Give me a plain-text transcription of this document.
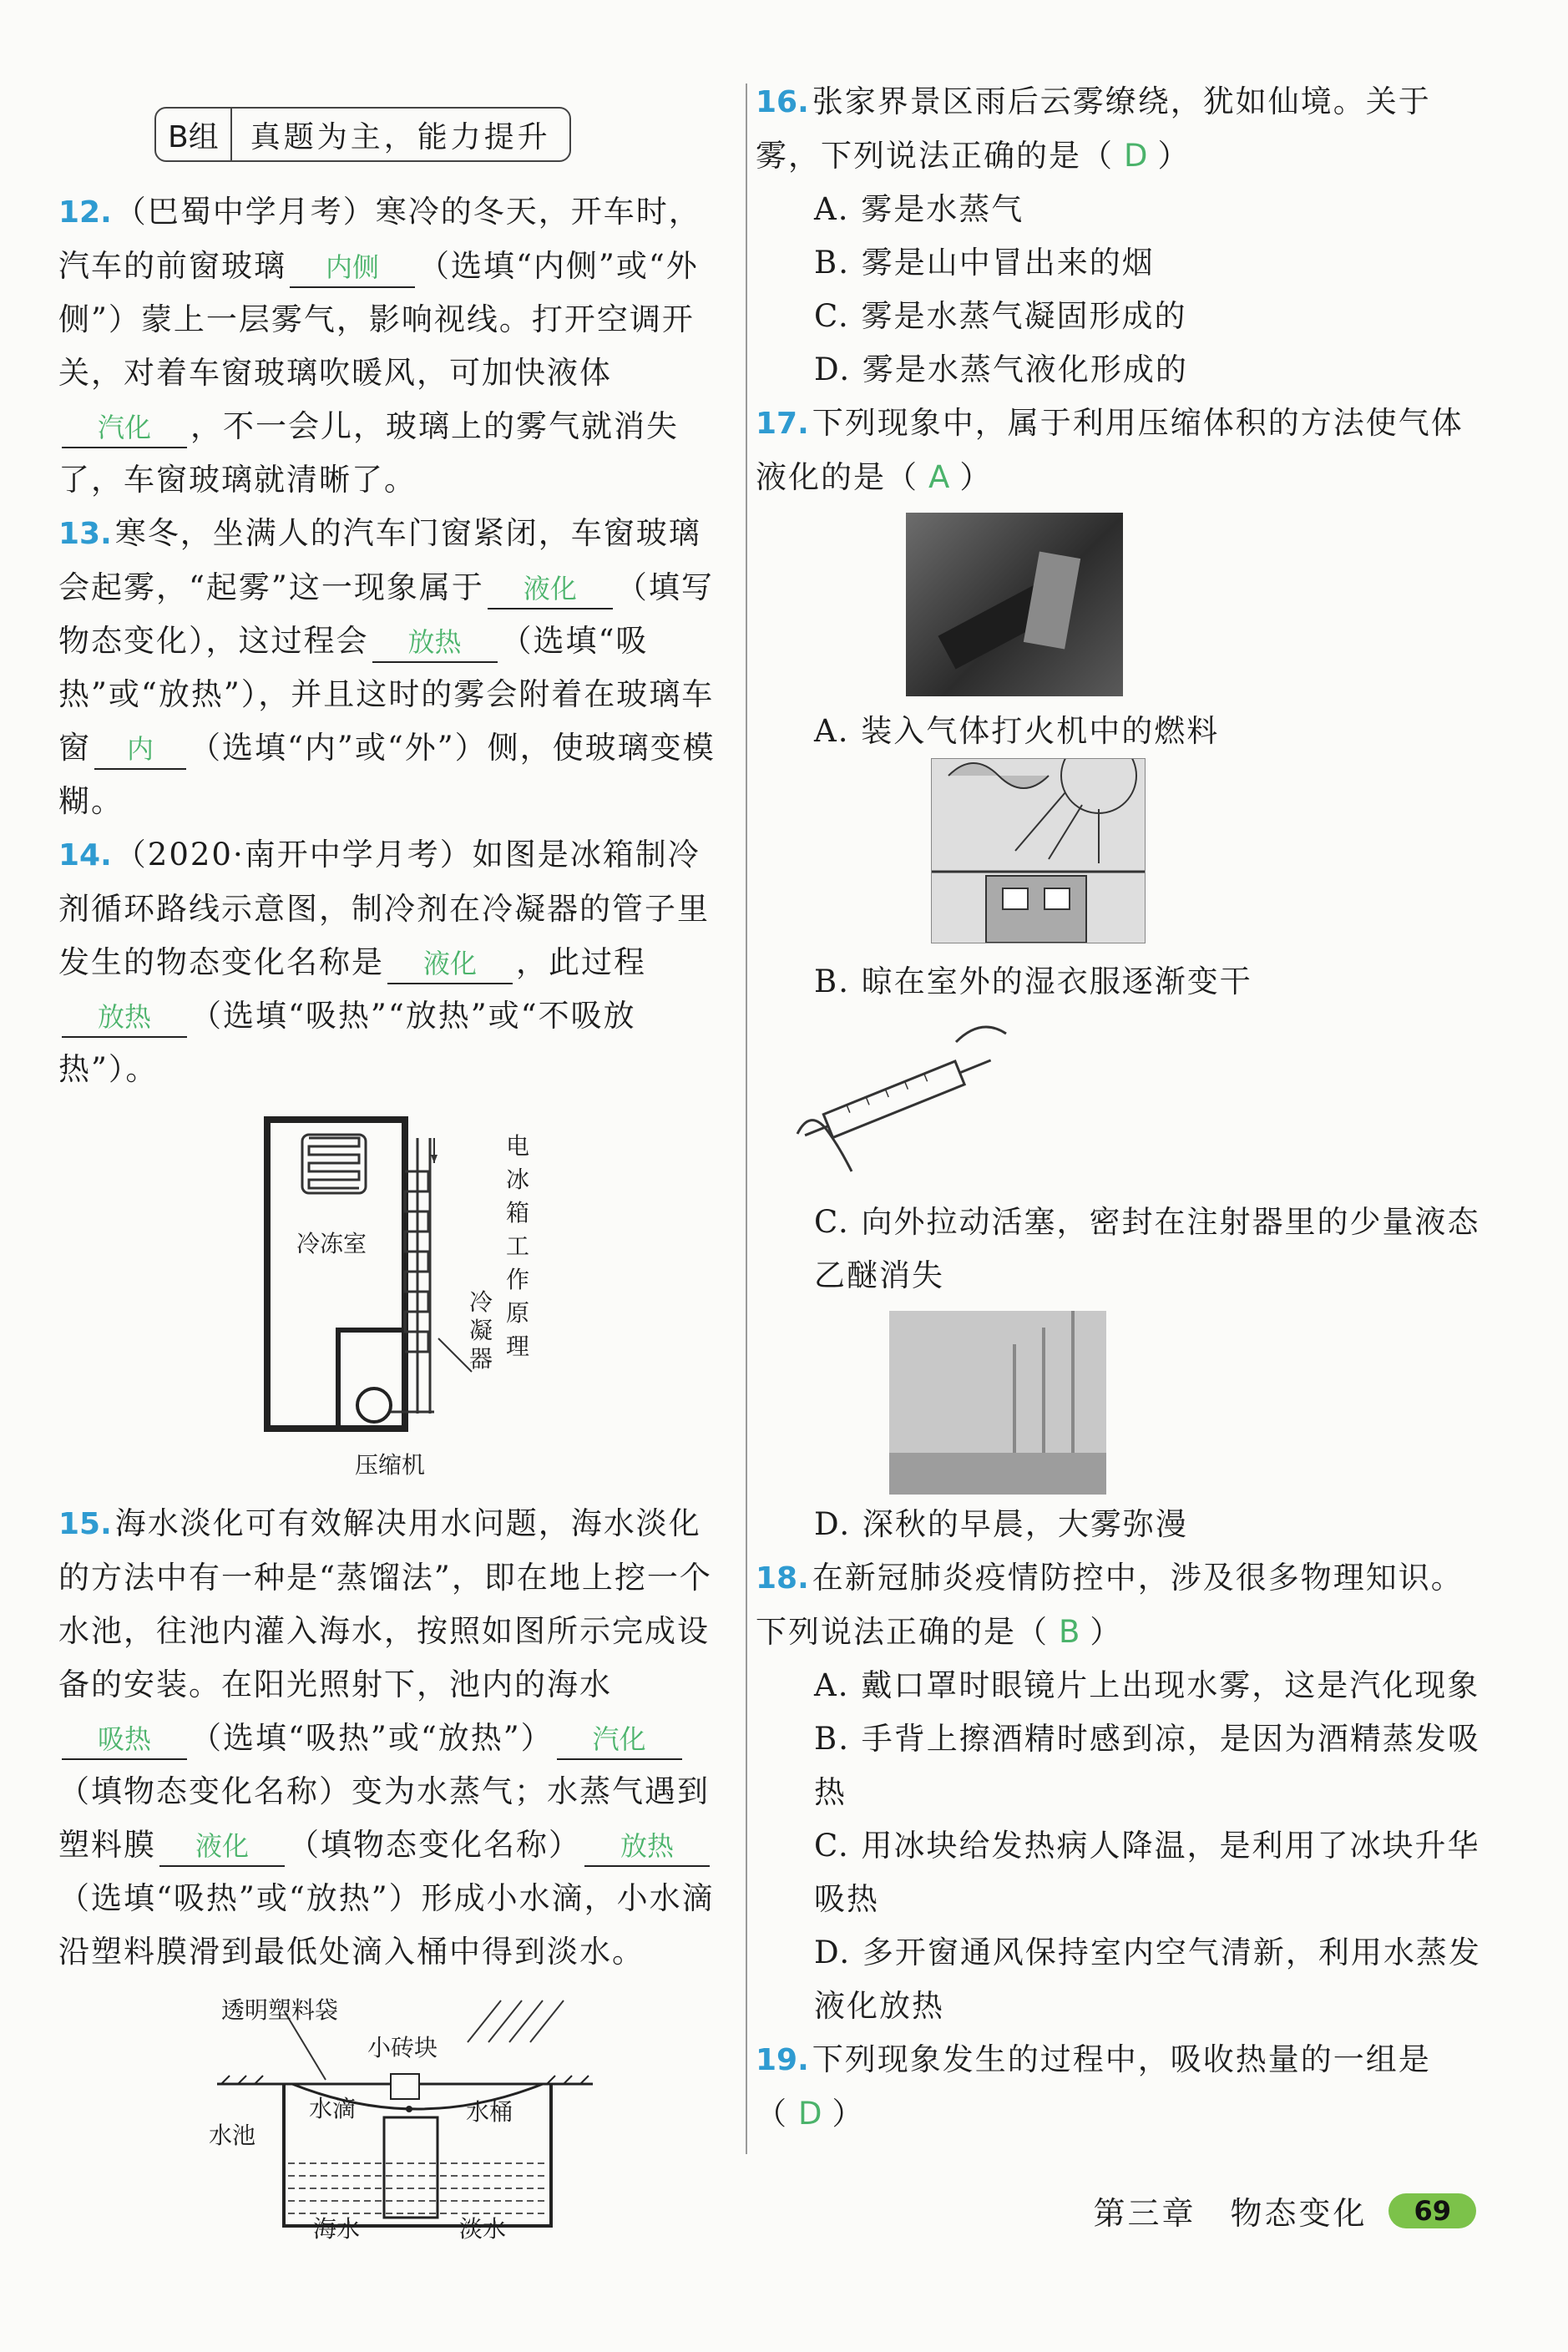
B组	真题为主，能力提升
12. （巴蜀中学月考）寒冷的冬天，开车时，汽车的前窗玻璃 内侧 （选填“内侧”或“外侧”）蒙上一层雾气，影响视线。打开空调开关，对着车窗玻璃吹暖风，可加快液体汽化 ，不一会儿，玻璃上的雾气就消失了，车窗玻璃就清晰了。
13. 寒冬，坐满人的汽车门窗紧闭，车窗玻璃会起雾，“起雾”这一现象属于 液化 （填写物态变化），这过程会 放热 （选填“吸热”或“放热”），并且这时的雾会附着在玻璃车窗 内 （选填“内”或“外”）侧，使玻璃变模糊。
14. （2020·南开中学月考）如图是冰箱制冷剂循环路线示意图，制冷剂在冷凝器的管子里发生的物态变化名称是 液化 ，此过程放热 （选填“吸热”“放热”或“不吸放热”）。
冷冻室
电
冰
箱
工
作
原
理
冷
凝
器
压缩机
15. 海水淡化可有效解决用水问题，海水淡化的方法中有一种是“蒸馏法”，即在地上挖一个水池，往池内灌入海水，按照如图所示完成设备的安装。在阳光照射下，池内的海水吸热 （选填“吸热”或“放热”） 汽化（填物态变化名称）变为水蒸气；水蒸气遇到塑料膜 液化 （填物态变化名称） 放热（选填“吸热”或“放热”）形成小水滴，小水滴沿塑料膜滑到最低处滴入桶中得到淡水。
透明塑料袋
小砖块
水滴	水桶
水池
海水	淡水
16. 张家界景区雨后云雾缭绕，犹如仙境。关于雾，下列说法正确的是（ D ）
A. 雾是水蒸气
B. 雾是山中冒出来的烟
C. 雾是水蒸气凝固形成的
D. 雾是水蒸气液化形成的
17. 下列现象中，属于利用压缩体积的方法使气体液化的是（ A ）
A. 装入气体打火机中的燃料
B. 晾在室外的湿衣服逐渐变干
C. 向外拉动活塞，密封在注射器里的少量液态乙醚消失
D. 深秋的早晨，大雾弥漫
18. 在新冠肺炎疫情防控中，涉及很多物理知识。下列说法正确的是（ B ）
A. 戴口罩时眼镜片上出现水雾，这是汽化现象
B. 手背上擦酒精时感到凉，是因为酒精蒸发吸热
C. 用冰块给发热病人降温，是利用了冰块升华吸热
D. 多开窗通风保持室内空气清新，利用水蒸发液化放热
19. 下列现象发生的过程中，吸收热量的一组是（ D ）
第三章　物态变化	69
